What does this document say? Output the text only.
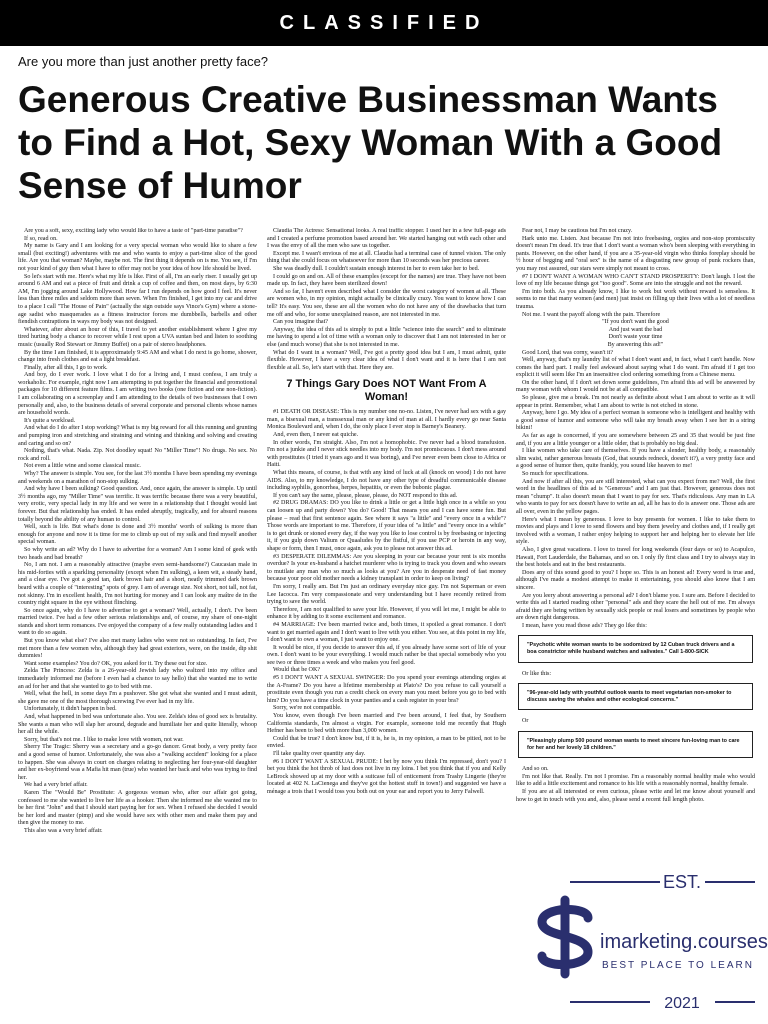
CLASSIFIED
Are you more than just another pretty face?
Generous Creative Businessman Wants to Find a Hot, Sexy Woman With a Good Sense of Humor

Are you a soft, sexy, exciting lady who would like to have a taste of "part-time paradise"?

If so, read on.

My name is Gary and I am looking for a very special woman who would like to share a few small (but exciting!) adventures with me and who wants to enjoy a part-time slice of the good life. Are you that woman? Maybe, maybe not. The first thing it depends on is me. You see, if I'm not your kind of guy then what I have to offer may not be your idea of how life should be lived.

So let's start with me. Here's what my life is like. First of all, I'm an early riser. I usually get up around 6 AM and eat a piece of fruit and drink a cup of coffee and then, on most days, by 6:30 AM, I'm jogging around Lake Hollywood. How far I run depends on how good I feel. It's never less than three miles and seldom more than seven. When I'm finished, I get into my car and drive to a place I call "The House of Pain" (actually the sign outside says Vince's Gym) where a stone-age sadist who masquerades as a fitness instructor forces me dumbbells, barbells and other fiendish contraptions in ways my body was not designed.

Whatever, after about an hour of this, I travel to yet another establishment where I give my tired hurting body a chance to recover while I rest upon a UVA suntan bed and listen to soothing music (usually Rod Stewart or Jimmy Buffet) on a pair of stereo headphones.

By the time I am finished, it is approximately 9:45 AM and what I do next is go home, shower, change into fresh clothes and eat a light breakfast.

Finally, after all this, I go to work.

And boy, do I ever work. I love what I do for a living and, I must confess, I am truly a workaholic. For example, right now I am attempting to put together the financial and promotional packages for 10 different feature films. I am writing two books (one fiction and one non-fiction). I am collaborating on a screenplay and I am attending to the details of two businesses that I own personally and, also, to the business details of several corporate and personal clients whose names are household words.

It's quite a workload.

And what do I do after I stop working? What is my big reward for all this running and grunting and pumping iron and stretching and straining and wining and thinking and solving and creating and caring and so on?

Nothing, that's what. Nada. Zip. Not doodley squat! No "Miller Time"! No drugs. No sex. No rock and roll.

Not even a little wine and some classical music.

Why? The answer is simple. You see, for the last 3½ months I have been spending my evenings and weekends on a marathon of non-stop sulking.

And why have I been sulking? Good question. And, once again, the answer is simple. Up until 3½ months ago, my "Miller Time" was terrific. It was terrific because there was a very beautiful, very erotic, very special lady in my life and we were in a relationship that I thought would last forever. But that relationship has ended. It has ended abruptly, tragically, and for absurd reasons totally beyond the ability of any human to control.

Well, such is life. But what's done is done and 3½ months' worth of sulking is more than enough for anyone and now it is time for me to climb up out of my sulk and find myself another special woman.

So why write an ad? Why do I have to advertise for a woman? Am I some kind of geek with two heads and bad breath?

No, I am not. I am a reasonably attractive (maybe even semi-handsome?) Caucasian male in his mid-forties with a sparkling personality (except when I'm sulking), a keen wit, a steady hand, and a clear eye. I've got a good tan, dark brown hair and a short, neatly trimmed dark brown beard with a couple of "interesting" spots of grey. I am of average size. Not short, not tall, not fat, not skinny. I'm in excellent health, I'm not hurting for money and I can look any maître de in the country right square in the eye without flinching.

So once again, why do I have to advertise to get a woman? Well, actually, I don't. I've been married twice. I've had a few other serious relationships and, of course, my share of one-night stands and short term romances. I've enjoyed the company of a few really outstanding ladies and I want to do so again.

But you know what else? I've also met many ladies who were not so outstanding. In fact, I've met more than a few women who, although they had great exteriors, were, on the inside, dip shit dummies!

Want some examples? You do? OK, you asked for it. Try these out for size.

Zelda The Princess: Zelda is a 26-year-old Jewish lady who waltzed into my office and immediately informed me (before I even had a chance to say hello) that she wanted me to write an ad for her and that she wanted to go to bed with me.

Well, what the hell, in some days I'm a pushover. She got what she wanted and I must admit, she gave me one of the most thorough screwing I've ever had in my life.

Unfortunately, it didn't happen in bed.

And, what happened in bed was unfortunate also. You see. Zelda's idea of good sex is brutality. She wants a man who will slap her around, degrade and humiliate her and quite literally, whoop her all the while.

Sorry, but that's not me. I like to make love with women, not war.

Sherry The Tragic: Sherry was a secretary and a go-go dancer. Great body, a very pretty face and a good sense of humor. Unfortunately, she was also a "walking accident" looking for a place to happen. She was always in court on charges relating to neglecting her four-year-old daughter and her ex-boyfriend was a Mafia hit man (true) who wanted her back and who was trying to find her.

We had a very brief affair.

Karen The "Would Be" Prostitute: A gorgeous woman who, after our affair got going, confessed to me she wanted to live her life as a hooker. Then she informed me she wanted me to be her first "John" and that I should start paying her for sex. When I refused she decided I would be her lord and master (pimp) and she would have sex with other men and make them pay and then give the money to me.

This also was a very brief affair.

Claudia The Actress: Sensational looks. A real traffic stopper. I used her in a few full-page ads and I created a perfume promotion based around her. We started hanging out with each other and I was the envy of all the men who saw us together.

Except me. I wasn't envious of me at all. Claudia had a terminal case of tunnel vision. The only thing that she could focus on whatsoever for more than 10 seconds was her precious career.

She was deadly dull. I couldn't sustain enough interest in her to even take her to bed.

I could go on and on. All of these examples (except for the names) are true. They have not been made up. In fact, they have been sterilized down!

And so far, I haven't even described what I consider the worst category of women at all. These are women who, in my opinion, might actually be clinically crazy. You want to know how I can tell? It's easy. You see, these are all the women who do not have any of the drawbacks that turn me off and who, for some unexplained reason, are not interested in me.

Can you imagine that?

Anyway, the idea of this ad is simply to put a little "science into the search" and to eliminate me having to spend a lot of time with a woman only to discover that I am not interested in her or else (and much worse) that she is not interested in me.

What do I want in a woman? Well, I've got a pretty good idea but I am, I must admit, quite flexible. However, I have a very clear idea of what I don't want and it is here that I am not flexible at all. So, let's start with that. Here they are.

7 Things Gary Does NOT Want From A Woman!

#1 DEATH OR DISEASE: This is my number one no-no. Listen, I've never had sex with a gay man, a bisexual man, a transsexual man or any kind of man at all. I hardly every go near Santa Monica Boulevard and, when I do, the only place I ever stop is Barney's Beanery.

And, even then, I never eat quiche.

In other words, I'm straight. Also, I'm not a homophobic. I've never had a blood transfusion. I'm not a junkie and I never stick needles into my body. I'm not promiscuous. I don't mess around with prostitutes (I tried it years ago and it was boring), and I've never even been close to Africa or Haiti.

What this means, of course, is that with any kind of luck at all (knock on wood) I do not have AIDS. Also, to my knowledge, I do not have any other type of dreadful communicable disease including syphilis, gonorrhea, herpes, hepatitis, or even the bubonic plague.

If you can't say the same, please, please, please, do NOT respond to this ad.

#2 DRUG DRAMAS: DO you like to drink a little or get a little high once in a while so you can loosen up and party down? You do? Good! That means you and I can have some fun. But please – read that first sentence again. See where it says "a little" and "every once in a while"? Those words are important to me. Therefore, if your idea of "a little" and "every once in a while" is to get drunk or stoned every day, if the way you like to lose control is by freebasing or injecting it, if you gulp down Valium or Quaaludes by the fistful, if you use PCP or heroin in any way, shape or form, then I must, once again, ask you to please not answer this ad.

#3 DESPERATE DILEMMAS: Are you sleeping in your car because your rent is six months overdue? Is your ex-husband a hatchet murderer who is trying to track you down and who swears to mutilate any man who so much as looks at you? Are you in desperate need of fast money because your poor old mother needs a kidney transplant in order to keep on living?

I'm sorry, I really am. But I'm just an ordinary everyday nice guy. I'm not Superman or even Lee Iacocca. I'm very compassionate and very understanding but I have recently retired from trying to save the world.

Therefore, I am not qualified to save your life. However, if you will let me, I might be able to enhance it by adding to it some excitement and romance.

#4 MARRIAGE: I've been married twice and, both times, it spoiled a great romance. I don't want to get married again and I don't want to live with you either. You see, at this point in my life, I don't want to own a woman, I just want to enjoy one.

It would be nice, if you decide to answer this ad, if you already have some sort of life of your own. I don't want to be your everything. I would much rather be that special somebody who you see two or three times a week and who makes you feel good.

Would that be OK?

#5 I DON'T WANT A SEXUAL SWINGER: Do you spend your evenings attending orgies at the A-Frame? Do you have a lifetime membership at Plato's? Do you refuse to call yourself a prostitute even though you run a credit check on every man you meet before you go to bed with him? Do you have a time clock in your panties and a cash register in your bra?

Sorry, we're not compatible.

You know, even though I've been married and I've been around, I feel that, by Southern California standards, I'm almost a virgin. For example, someone told me recently that Hugh Hefner has been to bed with more than 3,000 women.

Could that be true? I don't know but, if it is, he is, in my opinion, a man to be pitied, not to be envied.

I'll take quality over quantity any day.

#6 I DON'T WANT A SEXUAL PRUDE: I bet by now you think I'm repressed, don't you? I bet you think the hot throb of lust does not live in my loins. I bet you think that if you and Kelly LeBrock showed up at my door with a suitcase full of enticement from Trashy Lingerie (they're located at 402 N. LaCienega and they've got the hottest stuff in town!) and suggested we have a ménage a trois that I would toss you both out on your ear and report you to Jerry Falwell.

Fear not, I may be cautious but I'm not crazy.

Hark unto me. Listen. Just because I'm not into freebasing, orgies and non-stop promiscuity doesn't mean I'm dead. It's true that I don't want a woman who's been sleeping with everything in pants. However, on the other hand, if you are a 35-year-old virgin who thinks foreplay should be ½ hour of begging and "oral sex" is the name of a disgusting new group of punk rockers than, you may rest assured, our stars were simply not meant to cross.

#7 I DON'T WANT A WOMAN WHO CAN'T STAND PROSPERITY: Don't laugh. I lost the love of my life because things got "too good". Some are into the struggle and not the reward.

I'm into both. As you already know, I like to work but work without reward is senseless. It seems to me that many women (and men) just insist on filling up their lives with a lot of needless trauma.

Not me. I want the payoff along with the pain. Therefore

"If you don't want the good

And just want the bad

Don't waste your time

By answering this ad!"

Good Lord, that was corny, wasn't it?

Well, anyway, that's my laundry list of what I don't want and, in fact, what I can't handle. Now comes the hard part. I really feel awkward about saying what I do want. I'm afraid if I get too explicit it will seem like I'm an insensitive clod ordering something from a Chinese menu.

On the other hand, if I don't set down some guidelines, I'm afraid this ad will be answered by many woman with whom I would not be at all compatible.

So please, give me a break. I'm not nearly as definite about what I am about to write as it will appear in print. Remember, what I am about to write is not etched in stone.

Anyway, here I go. My idea of a perfect woman is someone who is intelligent and healthy with a good sense of humor and someone who will take my breath away when I see her in a string bikini!

As far as age is concerned, if you are somewhere between 25 and 35 that would be just fine and, if you are a little younger or a little older, that is probably no big deal.

I like women who take care of themselves. If you have a slender, healthy body, a reasonably slim waist, rather generous breasts (God, that sounds redneck, doesn't it?), a very pretty face and a good sense of humor then, quite frankly, you sound like heaven to me!

So much for specifications.

And now if after all this, you are still interested, what can you expect from me? Well, the first word in the headlines of this ad is "Generous" and I am just that. However, generous does not mean "chump". It also doesn't mean that I want to pay for sex. That's ridiculous. Any man in LA who wants to pay for sex doesn't have to write an ad, all he has to do is answer one. Those ads are all over, even in the yellow pages.

Here's what I mean by generous. I love to buy presents for women. I like to take them to movies and plays and I love to send flowers and buy them jewelry and clothes and, if I really get involved with a woman, I rather enjoy helping to support her and helping her to elevate her life style.

Also, I give great vacations. I love to travel for long weekends (four days or so) to Acapulco, Hawaii, Fort Lauderdale, the Bahamas, and so on. I only fly first class and I try to always stay in the best hotels and eat in the best restaurants.

Does any of this sound good to you? I hope so. This is an honest ad! Every word is true and, although I've made a modest attempt to make it entertaining, you should also know that I am sincere.

Are you leery about answering a personal ad? I don't blame you. I sure am. Before I decided to write this ad I started reading other "personal" ads and they scare the hell out of me. I'm always afraid they are being written by sexually sick people or real losers and sometimes by people who are down right dangerous.

I mean, have you read those ads? They go like this:

"Psychotic white woman wants to be sodomized by 12 Cuban truck drivers and a boa constrictor while husband watches and salivates." Call 1-800-SICK

Or like this:

"96-year-old lady with youthful outlook wants to meet vegetarian non-smoker to discuss saving the whales and other ecological concerns."

Or

"Pleasingly plump 500 pound woman wants to meet sincere fun-loving man to care for her and her lovely 18 children."

And so on.

I'm not like that. Really. I'm not I promise. I'm a reasonably normal healthy male who would like to add a little excitement and romance to his life with a reasonably normal, healthy female.

If you are at all interested or even curious, please write and let me know about yourself and how to get in touch with you and, also, please send a recent full length photo.

EST.
imarketing.courses
BEST PLACE TO LEARN
2021
